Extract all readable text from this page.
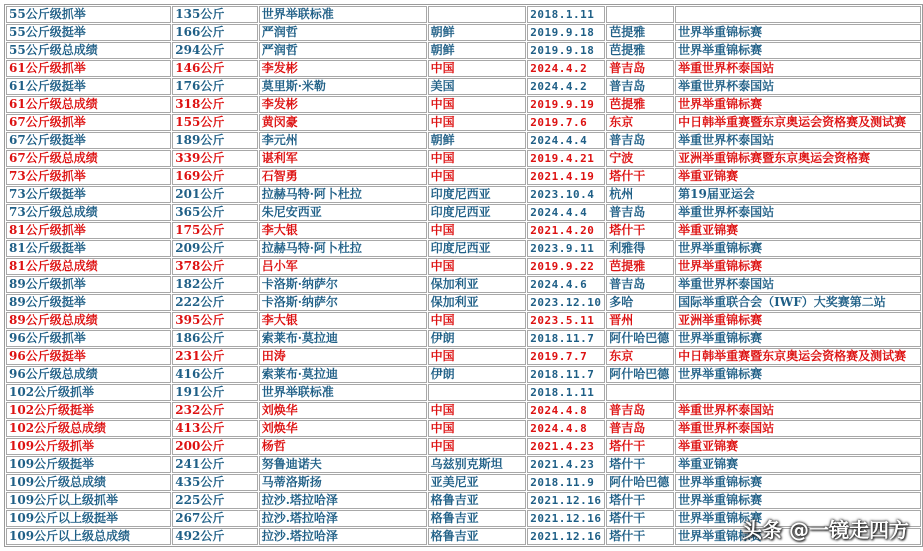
55公斤级抓举	135公斤	世界举联标准		2018.1.11		
55公斤级挺举	166公斤	严润哲	朝鲜	2019.9.18	芭提雅	世界举重锦标赛
55公斤级总成绩	294公斤	严润哲	朝鲜	2019.9.18	芭提雅	世界举重锦标赛
61公斤级抓举	146公斤	李发彬	中国	2024.4.2	普吉岛	举重世界杯泰国站
61公斤级挺举	176公斤	莫里斯·米勒	美国	2024.4.2	普吉岛	举重世界杯泰国站
61公斤级总成绩	318公斤	李发彬	中国	2019.9.19	芭提雅	世界举重锦标赛
67公斤级抓举	155公斤	黄闵豪	中国	2019.7.6	东京	中日韩举重赛暨东京奥运会资格赛及测试赛
67公斤级挺举	189公斤	李元州	朝鲜	2024.4.4	普吉岛	举重世界杯泰国站
67公斤级总成绩	339公斤	谌利军	中国	2019.4.21	宁波	亚洲举重锦标赛暨东京奥运会资格赛
73公斤级抓举	169公斤	石智勇	中国	2021.4.19	塔什干	举重亚锦赛
73公斤级挺举	201公斤	拉赫马特·阿卜杜拉	印度尼西亚	2023.10.4	杭州	第19届亚运会
73公斤级总成绩	365公斤	朱尼安西亚	印度尼西亚	2024.4.4	普吉岛	举重世界杯泰国站
81公斤级抓举	175公斤	李大银	中国	2021.4.20	塔什干	举重亚锦赛
81公斤级挺举	209公斤	拉赫马特·阿卜杜拉	印度尼西亚	2023.9.11	利雅得	世界举重锦标赛
81公斤级总成绩	378公斤	吕小军	中国	2019.9.22	芭提雅	世界举重锦标赛
89公斤级抓举	182公斤	卡洛斯·纳萨尔	保加利亚	2024.4.6	普吉岛	举重世界杯泰国站
89公斤级挺举	222公斤	卡洛斯·纳萨尔	保加利亚	2023.12.10	多哈	国际举重联合会（IWF）大奖赛第二站
89公斤级总成绩	395公斤	李大银	中国	2023.5.11	晋州	亚洲举重锦标赛
96公斤级抓举	186公斤	索莱布·莫拉迪	伊朗	2018.11.7	阿什哈巴德	世界举重锦标赛
96公斤级挺举	231公斤	田涛	中国	2019.7.7	东京	中日韩举重赛暨东京奥运会资格赛及测试赛
96公斤级总成绩	416公斤	索莱布·莫拉迪	伊朗	2018.11.7	阿什哈巴德	世界举重锦标赛
102公斤级抓举	191公斤	世界举联标准		2018.1.11		
102公斤级挺举	232公斤	刘焕华	中国	2024.4.8	普吉岛	举重世界杯泰国站
102公斤级总成绩	413公斤	刘焕华	中国	2024.4.8	普吉岛	举重世界杯泰国站
109公斤级抓举	200公斤	杨哲	中国	2021.4.23	塔什干	举重亚锦赛
109公斤级挺举	241公斤	努鲁迪诺夫	乌兹别克斯坦	2021.4.23	塔什干	举重亚锦赛
109公斤级总成绩	435公斤	马蒂洛斯扬	亚美尼亚	2018.11.9	阿什哈巴德	世界举重锦标赛
109公斤以上级抓举	225公斤	拉沙.塔拉哈泽	格鲁吉亚	2021.12.16	塔什干	世界举重锦标赛
109公斤以上级挺举	267公斤	拉沙.塔拉哈泽	格鲁吉亚	2021.12.16	塔什干	世界举重锦标赛
109公斤以上级总成绩	492公斤	拉沙.塔拉哈泽	格鲁吉亚	2021.12.16	塔什干	世界举重锦标赛
头条 @一镜走四方
